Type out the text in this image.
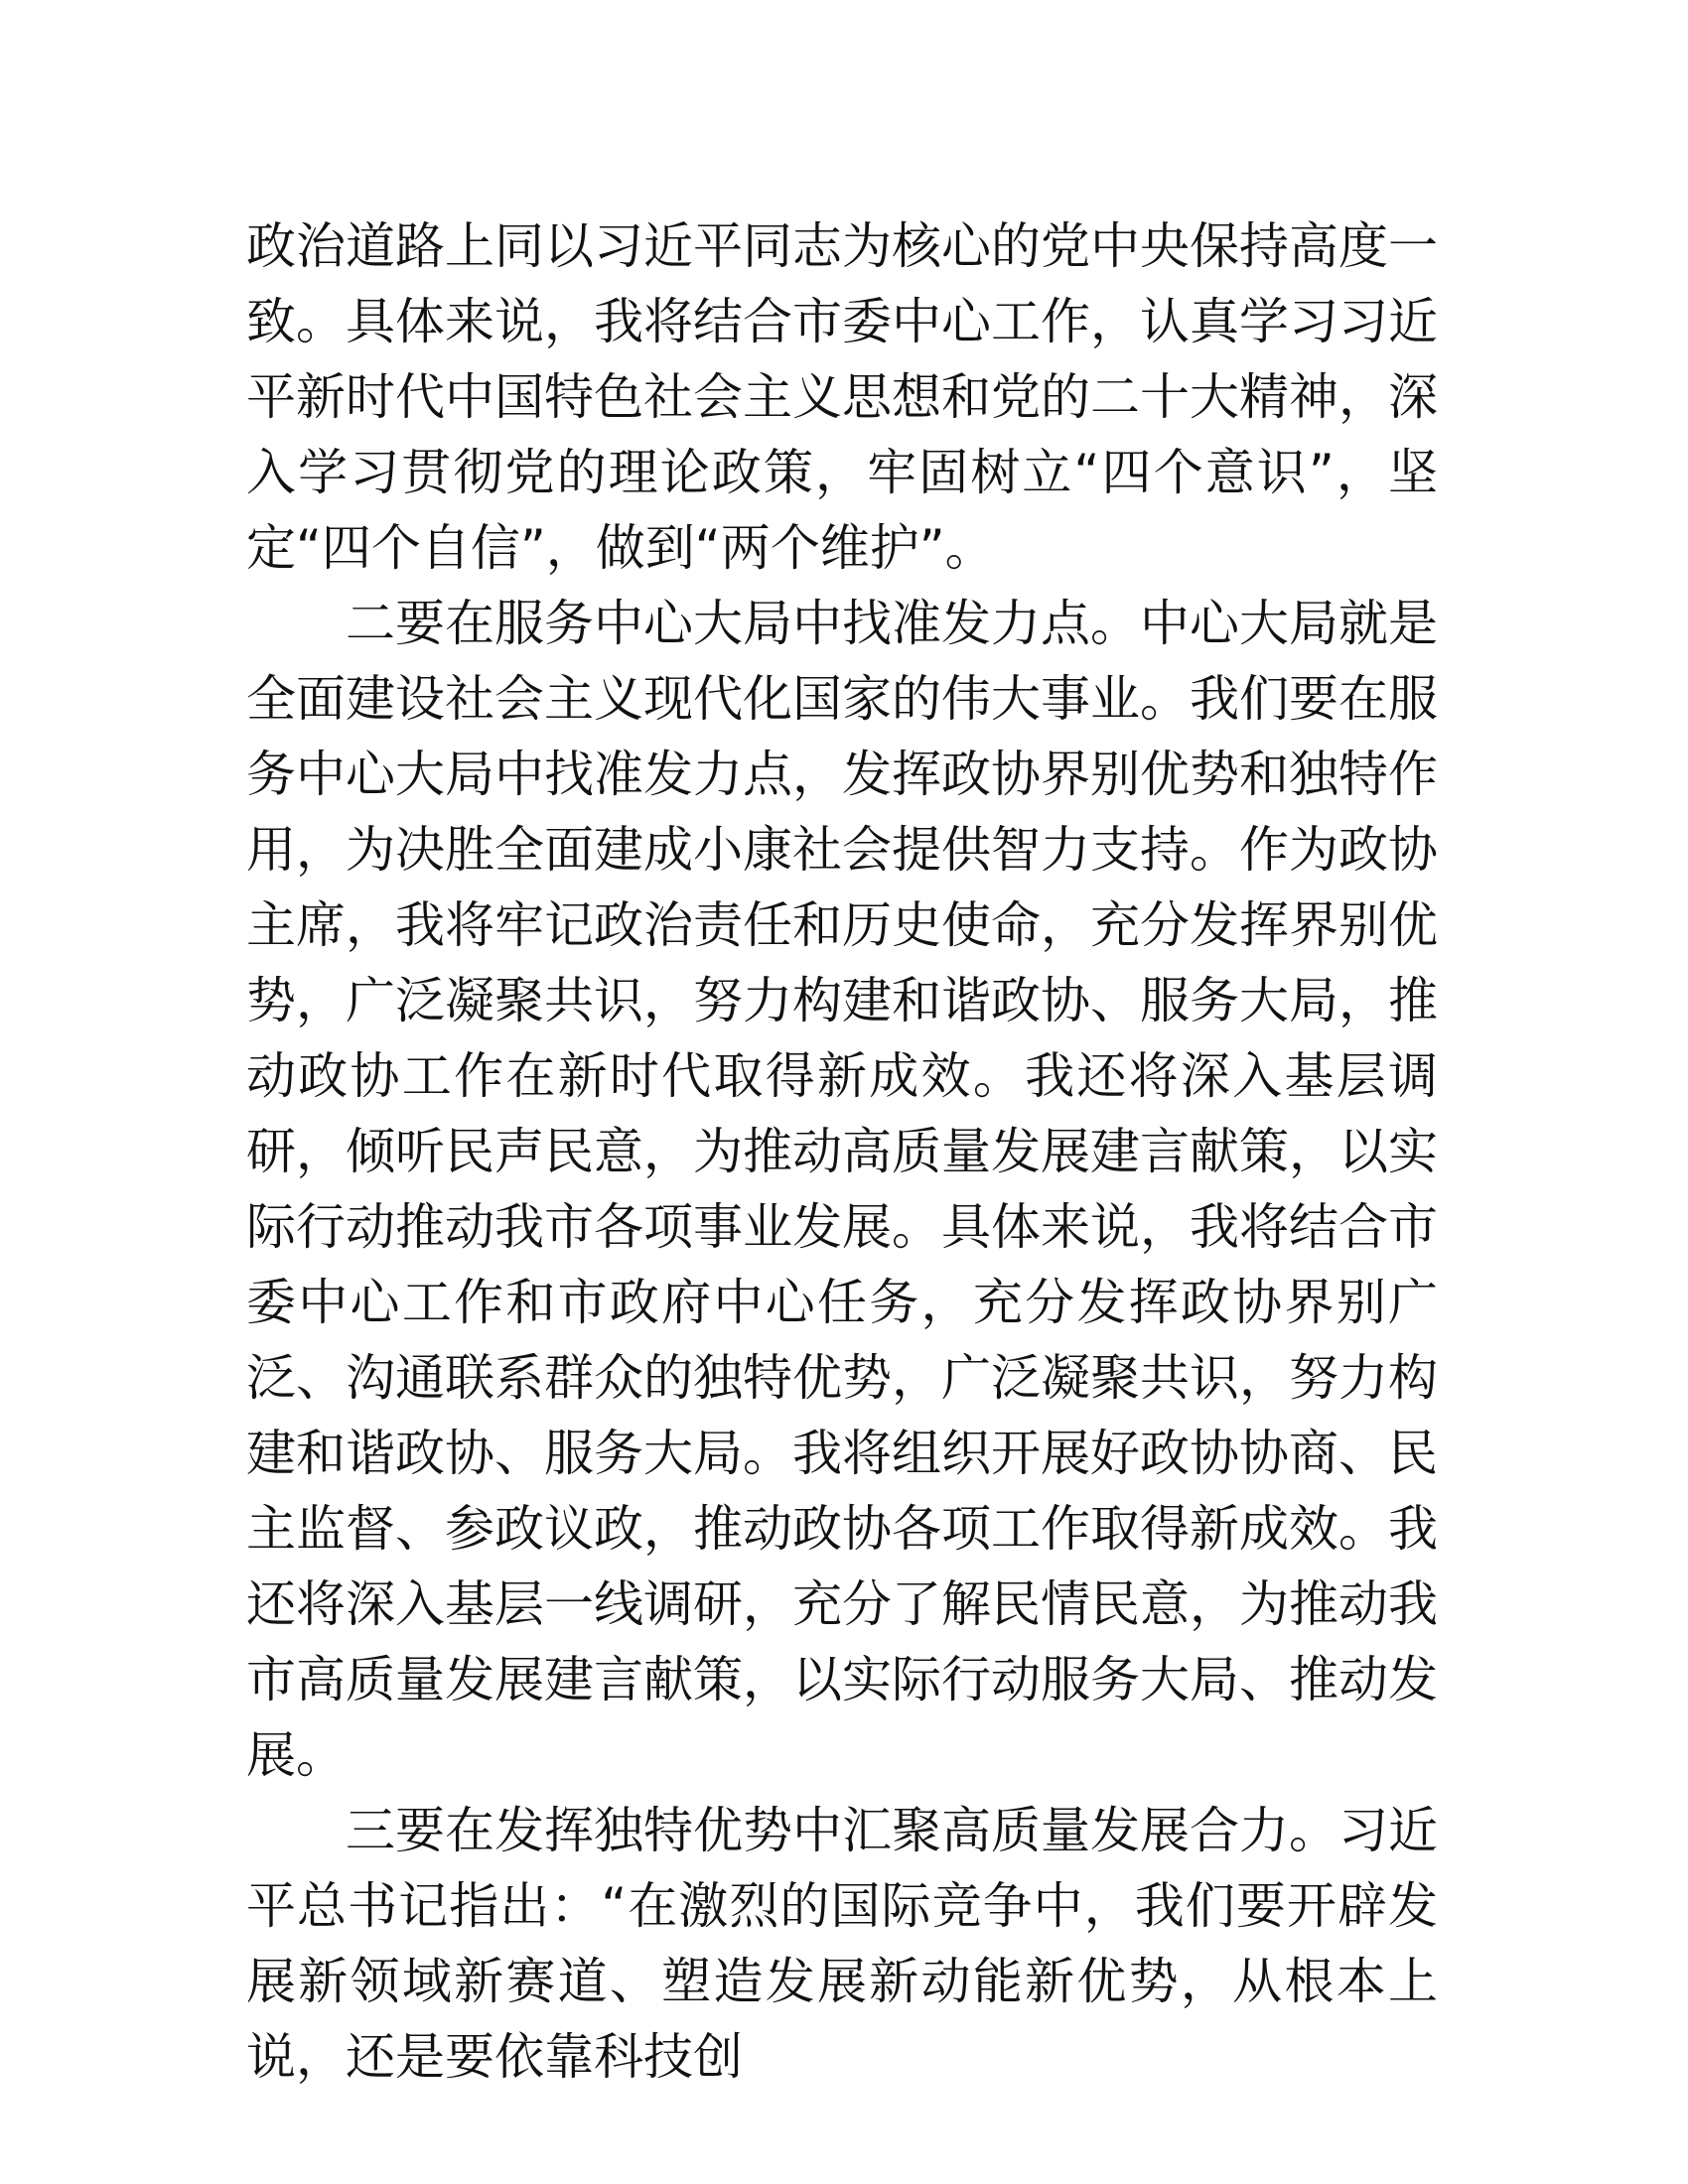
政治道路上同以习近平同志为核心的党中央保持高度一致。具体来说，我将结合市委中心工作，认真学习习近平新时代中国特色社会主义思想和党的二十大精神，深入学习贯彻党的理论政策，牢固树立“四个意识”，坚定“四个自信”，做到“两个维护”。

二要在服务中心大局中找准发力点。中心大局就是全面建设社会主义现代化国家的伟大事业。我们要在服务中心大局中找准发力点，发挥政协界别优势和独特作用，为决胜全面建成小康社会提供智力支持。作为政协主席，我将牢记政治责任和历史使命，充分发挥界别优势，广泛凝聚共识，努力构建和谐政协、服务大局，推动政协工作在新时代取得新成效。我还将深入基层调研，倾听民声民意，为推动高质量发展建言献策，以实际行动推动我市各项事业发展。具体来说，我将结合市委中心工作和市政府中心任务，充分发挥政协界别广泛、沟通联系群众的独特优势，广泛凝聚共识，努力构建和谐政协、服务大局。我将组织开展好政协协商、民主监督、参政议政，推动政协各项工作取得新成效。我还将深入基层一线调研，充分了解民情民意，为推动我市高质量发展建言献策，以实际行动服务大局、推动发展。

三要在发挥独特优势中汇聚高质量发展合力。习近平总书记指出：“在激烈的国际竞争中，我们要开辟发展新领域新赛道、塑造发展新动能新优势，从根本上说，还是要依靠科技创
